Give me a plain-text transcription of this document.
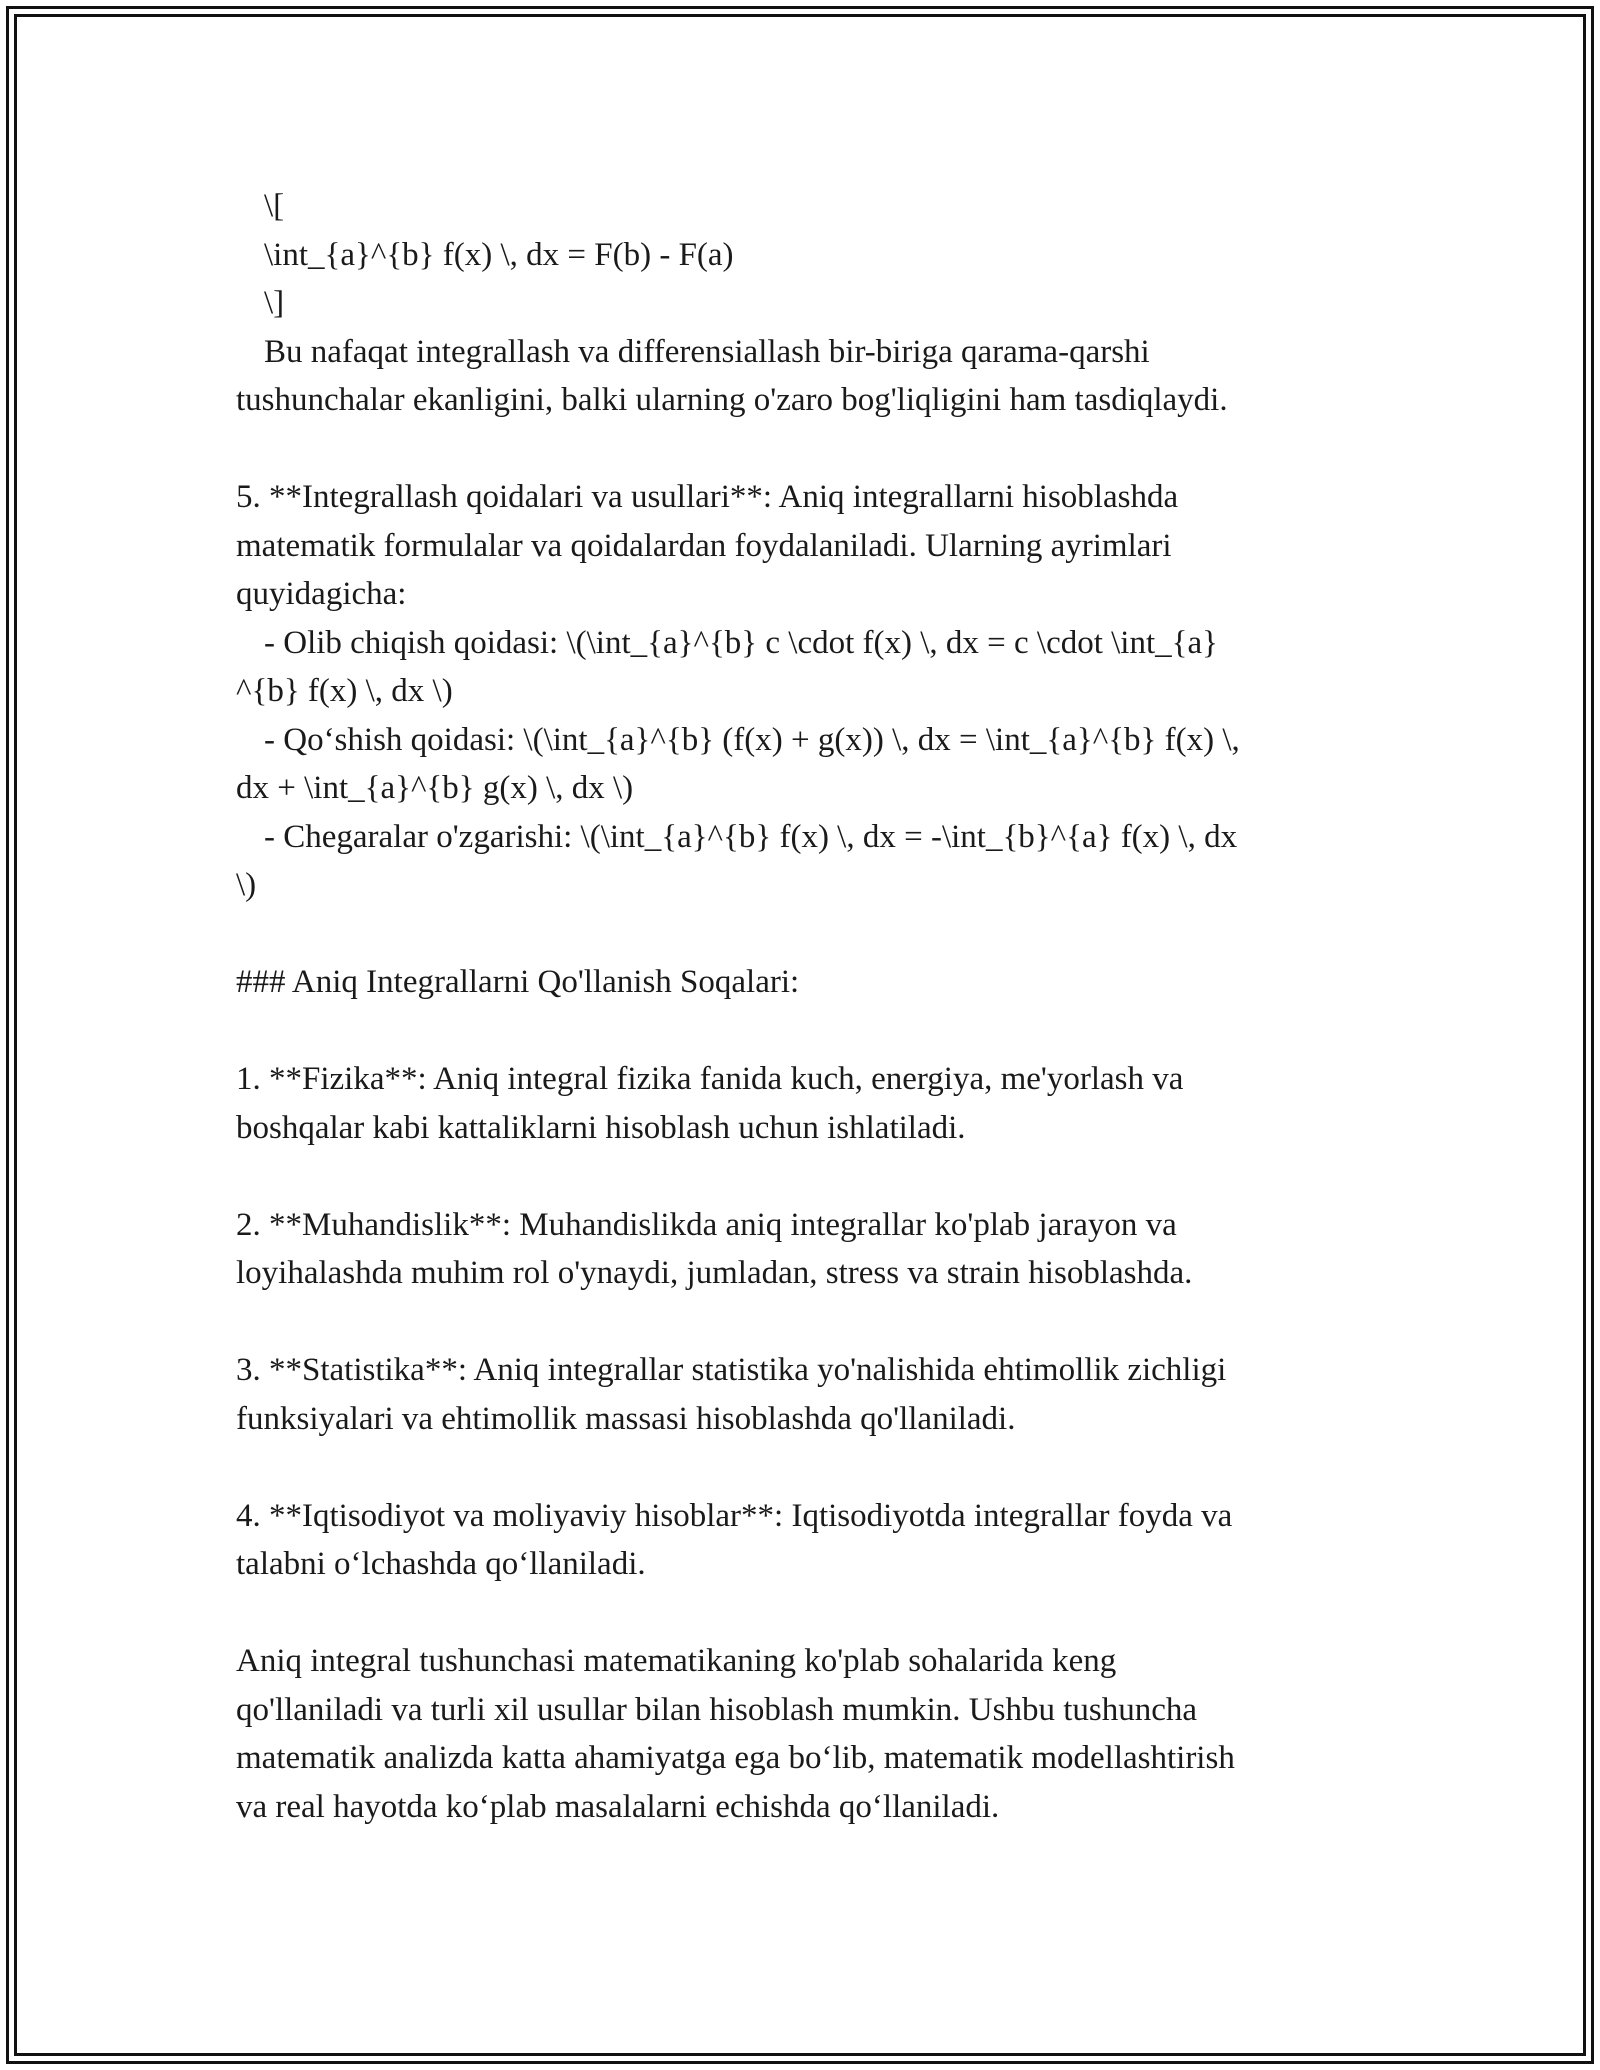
\[

\int_{a}^{b} f(x) \, dx = F(b) - F(a)

\]

Bu nafaqat integrallash va differensiallash bir-biriga qarama-qarshi

tushunchalar ekanligini, balki ularning o'zaro bog'liqligini ham tasdiqlaydi.

5. **Integrallash qoidalari va usullari**: Aniq integrallarni hisoblashda

matematik formulalar va qoidalardan foydalaniladi. Ularning ayrimlari

quyidagicha:

- Olib chiqish qoidasi: \(\int_{a}^{b} c \cdot f(x) \, dx = c \cdot \int_{a}

^{b} f(x) \, dx \)

- Qo‘shish qoidasi: \(\int_{a}^{b} (f(x) + g(x)) \, dx = \int_{a}^{b} f(x) \,

dx + \int_{a}^{b} g(x) \, dx \)

- Chegaralar o'zgarishi: \(\int_{a}^{b} f(x) \, dx = -\int_{b}^{a} f(x) \, dx

\)

### Aniq Integrallarni Qo'llanish Soqalari:

1. **Fizika**: Aniq integral fizika fanida kuch, energiya, me'yorlash va

boshqalar kabi kattaliklarni hisoblash uchun ishlatiladi.

2. **Muhandislik**: Muhandislikda aniq integrallar ko'plab jarayon va

loyihalashda muhim rol o'ynaydi, jumladan, stress va strain hisoblashda.

3. **Statistika**: Aniq integrallar statistika yo'nalishida ehtimollik zichligi

funksiyalari va ehtimollik massasi hisoblashda qo'llaniladi.

4. **Iqtisodiyot va moliyaviy hisoblar**: Iqtisodiyotda integrallar foyda va

talabni o‘lchashda qo‘llaniladi.

Aniq integral tushunchasi matematikaning ko'plab sohalarida keng

qo'llaniladi va turli xil usullar bilan hisoblash mumkin. Ushbu tushuncha

matematik analizda katta ahamiyatga ega bo‘lib, matematik modellashtirish

va real hayotda ko‘plab masalalarni echishda qo‘llaniladi.
